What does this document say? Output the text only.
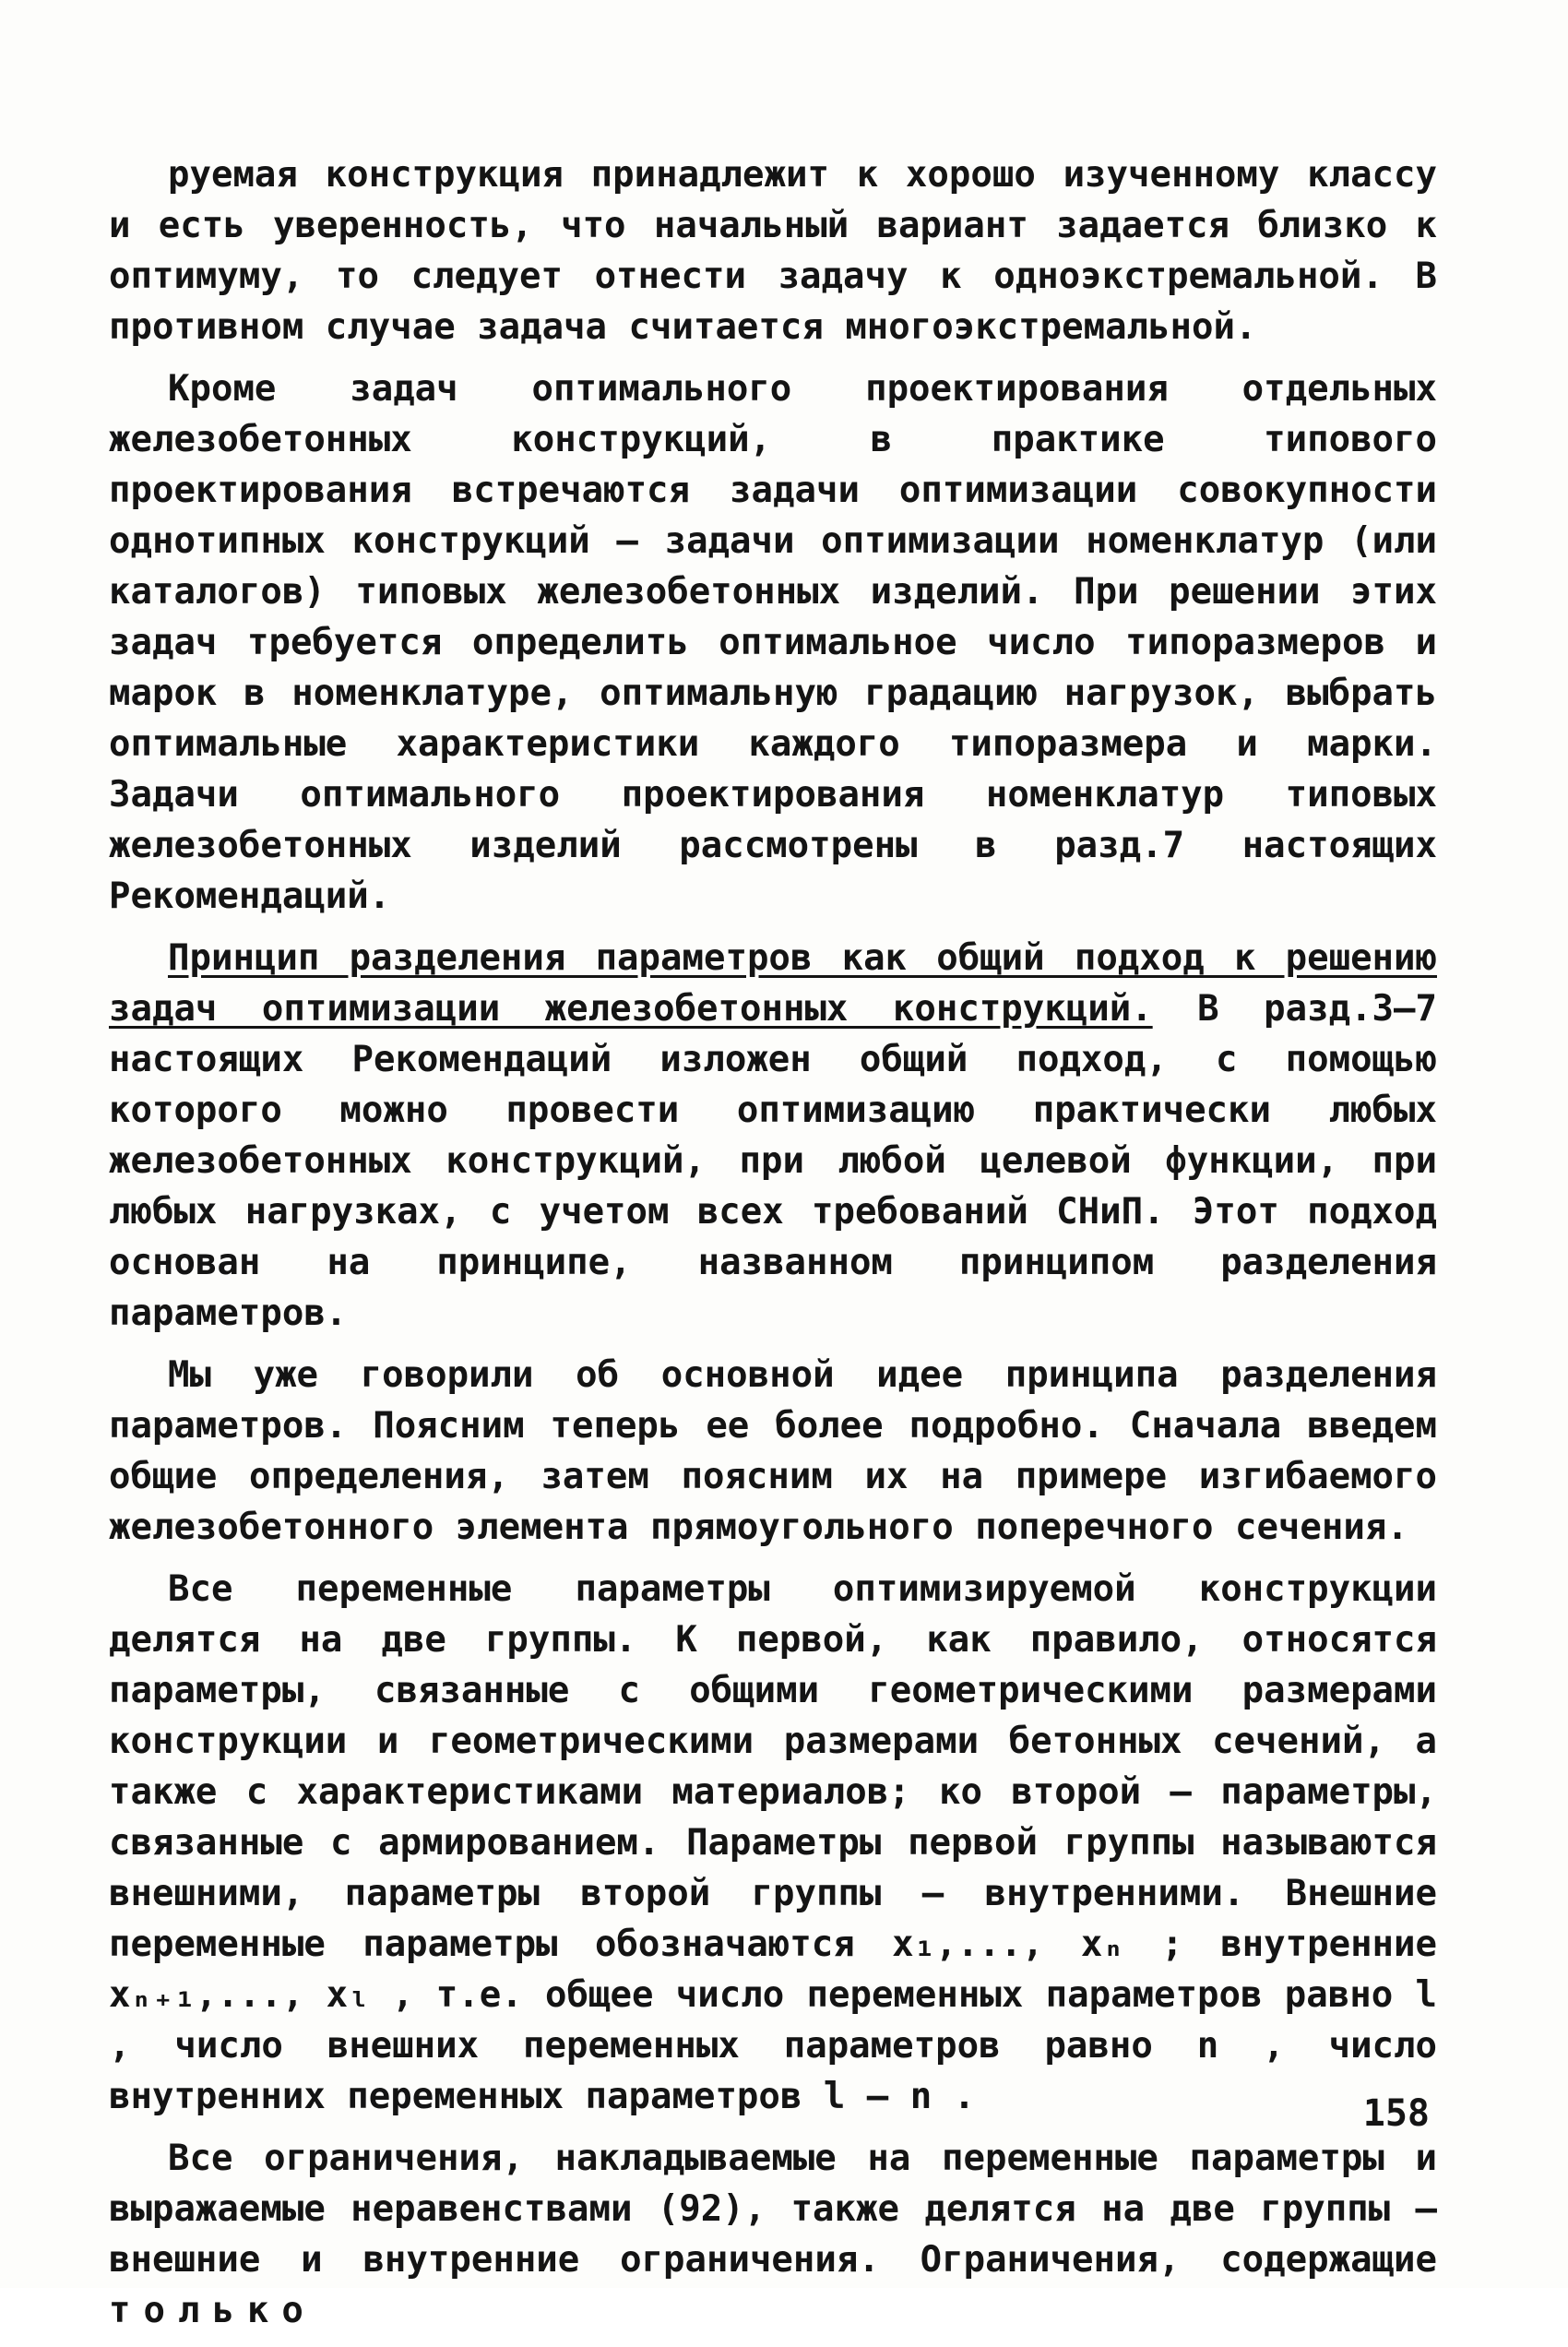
руемая конструкция принадлежит к хорошо изученному классу и есть уверенность, что начальный вариант задается близко к оптимуму, то следует отнести задачу к одноэкстремальной. В противном случае задача считается многоэкстремальной.

Кроме задач оптимального проектирования отдельных железобетонных конструкций, в практике типового проектирования встречаются задачи оптимизации совокупности однотипных конструкций – задачи оптимизации номенклатур (или каталогов) типовых железобетонных изделий. При решении этих задач требуется определить оптимальное число типоразмеров и марок в номенклатуре, оптимальную градацию нагрузок, выбрать оптимальные характеристики каждого типоразмера и марки. Задачи оптимального проектирования номенклатур типовых железобетонных изделий рассмотрены в разд.7 настоящих Рекомендаций.

Принцип разделения параметров как общий подход к решению задач оптимизации железобетонных конструкций. В разд.3–7 настоящих Рекомендаций изложен общий подход, с помощью которого можно провести оптимизацию практически любых железобетонных конструкций, при любой целевой функции, при любых нагрузках, с учетом всех требований СНиП. Этот подход основан на принципе, названном принципом разделения параметров.

Мы уже говорили об основной идее принципа разделения параметров. Поясним теперь ее более подробно. Сначала введем общие определения, затем поясним их на примере изгибаемого железобетонного элемента прямоугольного поперечного сечения.

Все переменные параметры оптимизируемой конструкции делятся на две группы. К первой, как правило, относятся параметры, связанные с общими геометрическими размерами конструкции и геометрическими размерами бетонных сечений, а также с характеристиками материалов; ко второй – параметры, связанные с армированием. Параметры первой группы называются внешними, параметры второй группы – внутренними. Внешние переменные параметры обозначаются x₁,..., xₙ ; внутренние xₙ₊₁,..., xₗ , т.е. общее число переменных параметров равно l , число внешних переменных параметров равно n , число внутренних переменных параметров l – n .

Все ограничения, накладываемые на переменные параметры и выражаемые неравенствами (92), также делятся на две группы – внешние и внутренние ограничения. Ограничения, содержащие только

158
